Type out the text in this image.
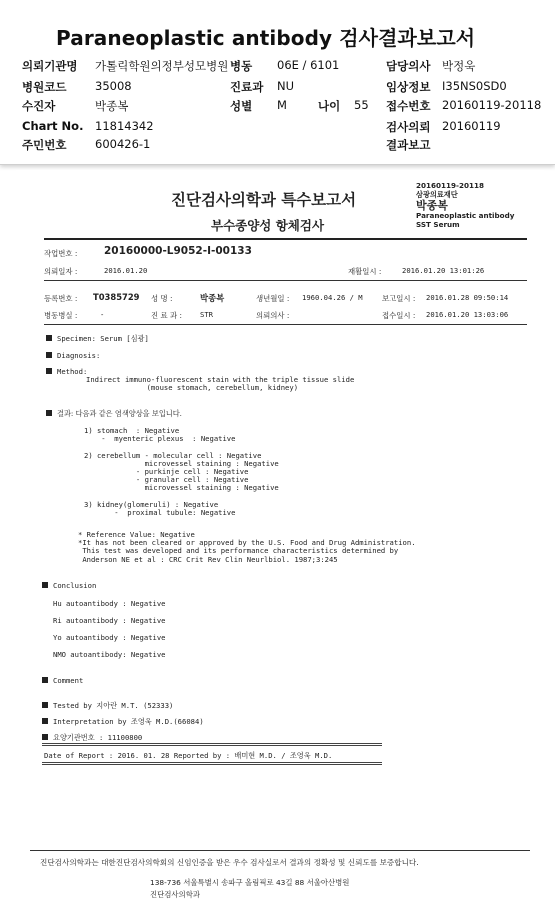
Paraneoplastic antibody 검사결과보고서
의뢰기관명 가톨릭학원의정부성모병원 병동 06E / 6101	담당의사 박정욱
병원코드 35008	진료과 NU	임상정보 I35NS0SD0
수진자	박종복	성별 M	나이 55 접수번호 20160119-20118
Chart No. 11814342	검사의뢰 20160119
주민번호 600426-1	결과보고
진단검사의학과 특수보고서
부수종양성 항체검사
20160119-20118
삼광의료재단
박종복
Paraneoplastic antibody
SST Serum
작업번호 :	20160000-L9052-I-00133
의뢰일자 :	2016.01.20	재활일시 :	2016.01.20 13:01:26
등록번호 : T0385729 성 명 :	박종복	생년월일 : 1960.04.26 / M	보고일시 : 2016.01.28 09:50:14
병동병실 :	-	진 료 과 :	STR	의뢰의사 :	접수일시 : 2016.01.20 13:03:06
Specimen: Serum [심광]
Diagnosis:
Method:
Indirect immuno-fluorescent stain with the triple tissue slide
(mouse stomach, cerebellum, kidney)
결과: 다음과 같은 염색양상을 보입니다.
1) stomach  : Negative
-  myenteric plexus  : Negative

2) cerebellum - molecular cell : Negative
microvessel staining : Negative
- purkinje cell : Negative
- granular cell : Negative
microvessel staining : Negative

3) kidney(glomeruli) : Negative
-  proximal tubule: Negative
* Reference Value: Negative
*It has not been cleared or approved by the U.S. Food and Drug Administration.
This test was developed and its performance characteristics determined by
Anderson NE et al : CRC Crit Rev Clin Neurlbiol. 1987;3:245
Conclusion
Hu autoantibody : Negative
Ri autoantibody : Negative
Yo autoantibody : Negative
NMO autoantibody: Negative
Comment
Tested by 지아란 M.T. (52333)
Interpretation by 조영욱 M.D.(66084)
요양기관번호 : 11100800
Date of Report : 2016. 01. 28 Reported by : 배미현 M.D. / 조영욱 M.D.
진단검사의학과는 대한진단검사의학회의 신임인증을 받은 우수 검사실로서 결과의 정확성 및 신뢰도를 보증합니다.
138-736 서울특별시 송파구 올림픽로 43길 88 서울아산병원
진단검사의학과
